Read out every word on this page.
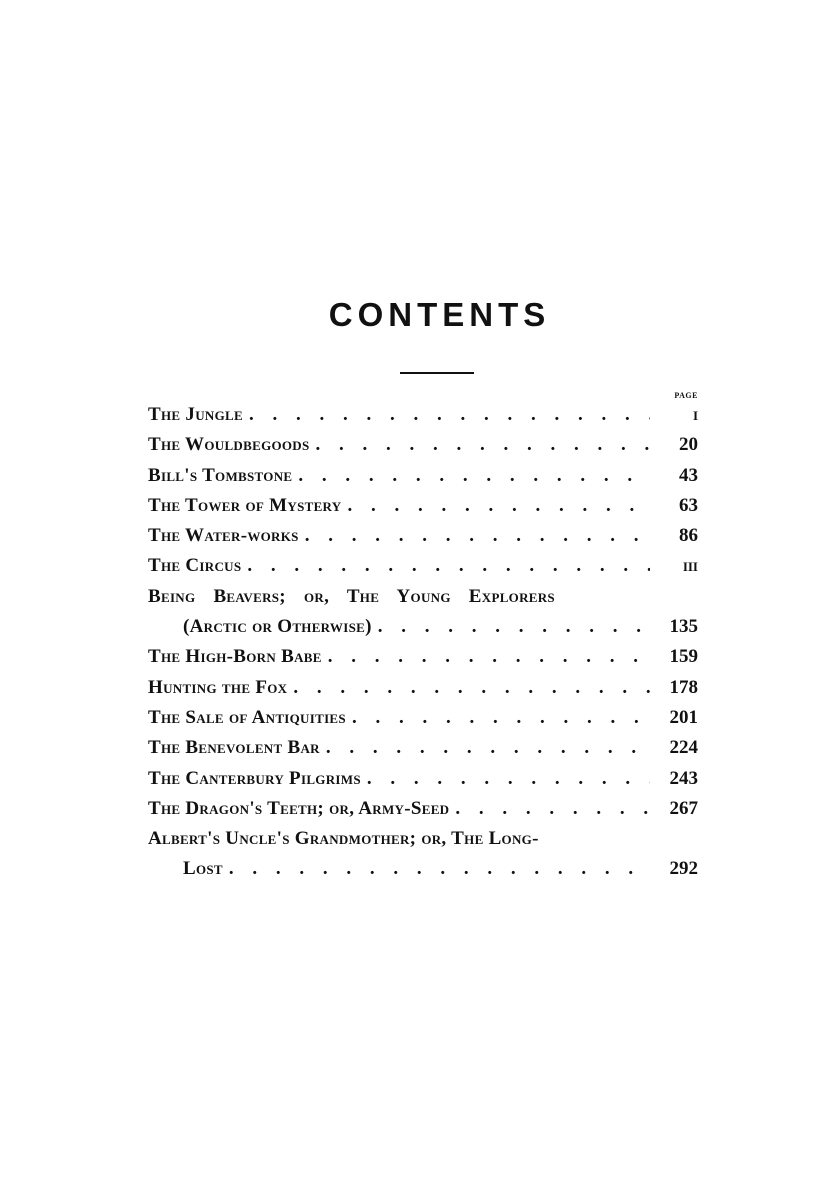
CONTENTS
PAGE
The Jungle . . .	i
The Wouldbegoods . . .	20
Bill's Tombstone . . .	43
The Tower of Mystery . . .	63
The Water-works . . .	86
The Circus . . .	iii
Being Beavers; or, The Young Explorers
(Arctic or Otherwise) . . .	135
The High-Born Babe . . .	159
Hunting the Fox . . .	178
The Sale of Antiquities . . .	201
The Benevolent Bar . . .	224
The Canterbury Pilgrims . . .	243
The Dragon's Teeth; or, Army-Seed . . .	267
Albert's Uncle's Grandmother; or, The Long-
Lost . . .	292
